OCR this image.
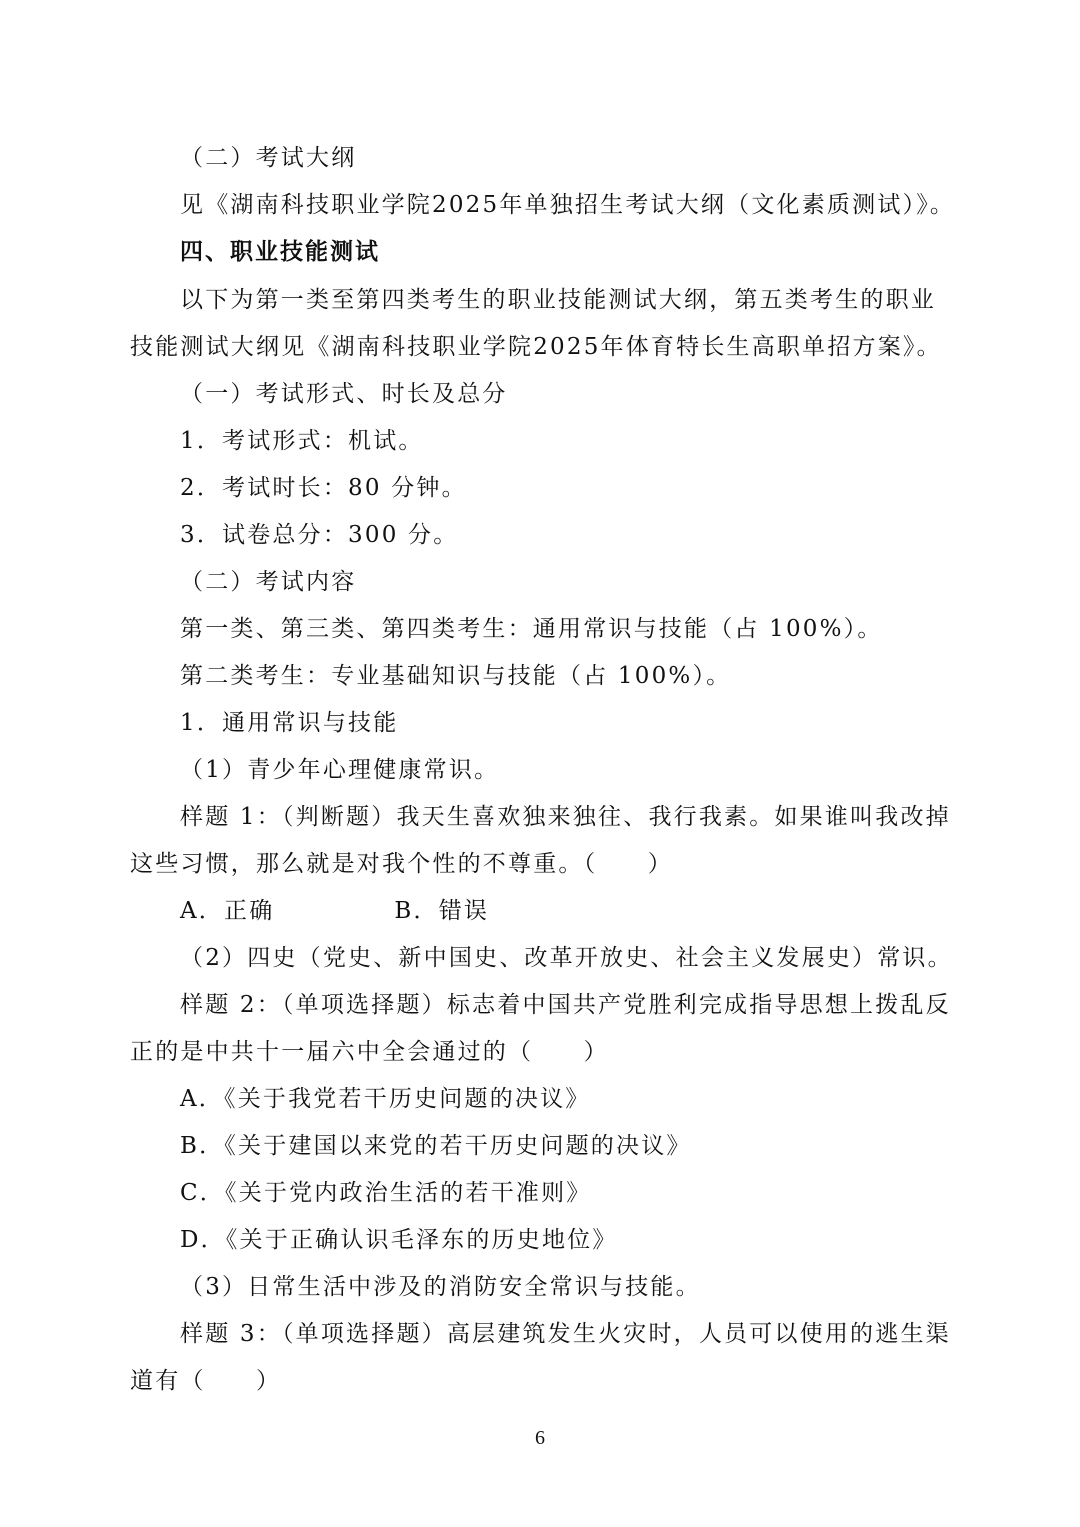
（二）考试大纲
见《湖南科技职业学院2025年单独招生考试大纲（文化素质测试）》。
四、职业技能测试
以下为第一类至第四类考生的职业技能测试大纲，第五类考生的职业
技能测试大纲见《湖南科技职业学院2025年体育特长生高职单招方案》。
（一）考试形式、时长及总分
1．考试形式：机试。
2．考试时长：80 分钟。
3．试卷总分：300 分。
（二）考试内容
第一类、第三类、第四类考生：通用常识与技能（占 100%）。
第二类考生：专业基础知识与技能（占 100%）。
1．通用常识与技能
（1）青少年心理健康常识。
样题 1：（判断题）我天生喜欢独来独往、我行我素。如果谁叫我改掉
这些习惯，那么就是对我个性的不尊重。（　　）
A．正确	B．错误
（2）四史（党史、新中国史、改革开放史、社会主义发展史）常识。
样题 2：（单项选择题）标志着中国共产党胜利完成指导思想上拨乱反
正的是中共十一届六中全会通过的（　　）
A．《关于我党若干历史问题的决议》
B．《关于建国以来党的若干历史问题的决议》
C．《关于党内政治生活的若干准则》
D．《关于正确认识毛泽东的历史地位》
（3）日常生活中涉及的消防安全常识与技能。
样题 3：（单项选择题）高层建筑发生火灾时，人员可以使用的逃生渠
道有（　　）
6
